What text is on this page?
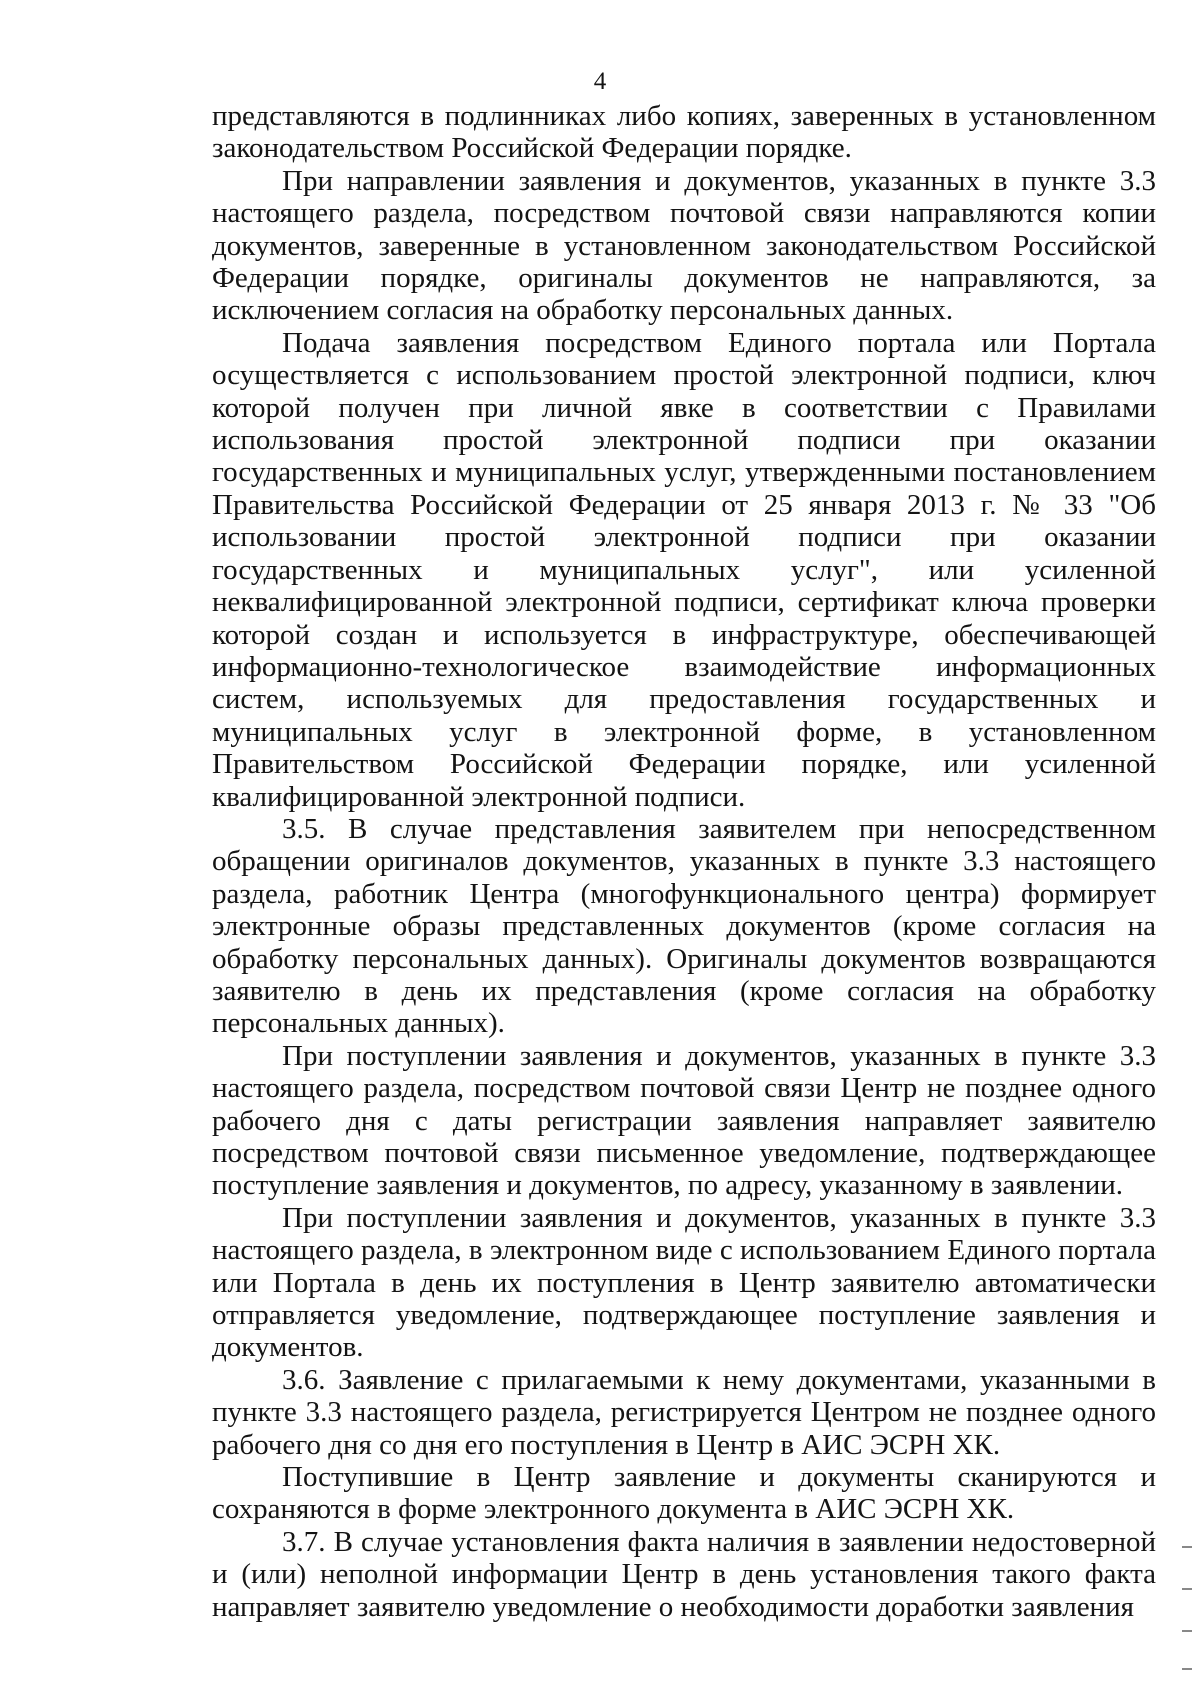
4

представляются в подлинниках либо копиях, заверенных в установленном законодательством Российской Федерации порядке.

При направлении заявления и документов, указанных в пункте 3.3 настоящего раздела, посредством почтовой связи направляются копии документов, заверенные в установленном законодательством Российской Федерации порядке, оригиналы документов не направляются, за исключением согласия на обработку персональных данных.

Подача заявления посредством Единого портала или Портала осуществляется с использованием простой электронной подписи, ключ которой получен при личной явке в соответствии с Правилами использования простой электронной подписи при оказании государственных и муниципальных услуг, утвержденными постановлением Правительства Российской Федерации от 25 января 2013 г. № 33 "Об использовании простой электронной подписи при оказании государственных и муниципальных услуг", или усиленной неквалифицированной электронной подписи, сертификат ключа проверки которой создан и используется в инфраструктуре, обеспечивающей информационно-технологическое взаимодействие информационных систем, используемых для предоставления государственных и муниципальных услуг в электронной форме, в установленном Правительством Российской Федерации порядке, или усиленной квалифицированной электронной подписи.

3.5. В случае представления заявителем при непосредственном обращении оригиналов документов, указанных в пункте 3.3 настоящего раздела, работник Центра (многофункционального центра) формирует электронные образы представленных документов (кроме согласия на обработку персональных данных). Оригиналы документов возвращаются заявителю в день их представления (кроме согласия на обработку персональных данных).

При поступлении заявления и документов, указанных в пункте 3.3 настоящего раздела, посредством почтовой связи Центр не позднее одного рабочего дня с даты регистрации заявления направляет заявителю посредством почтовой связи письменное уведомление, подтверждающее поступление заявления и документов, по адресу, указанному в заявлении.

При поступлении заявления и документов, указанных в пункте 3.3 настоящего раздела, в электронном виде с использованием Единого портала или Портала в день их поступления в Центр заявителю автоматически отправляется уведомление, подтверждающее поступление заявления и документов.

3.6. Заявление с прилагаемыми к нему документами, указанными в пункте 3.3 настоящего раздела, регистрируется Центром не позднее одного рабочего дня со дня его поступления в Центр в АИС ЭСРН ХК.

Поступившие в Центр заявление и документы сканируются и сохраняются в форме электронного документа в АИС ЭСРН ХК.

3.7. В случае установления факта наличия в заявлении недостоверной и (или) неполной информации Центр в день установления такого факта направляет заявителю уведомление о необходимости доработки заявления
